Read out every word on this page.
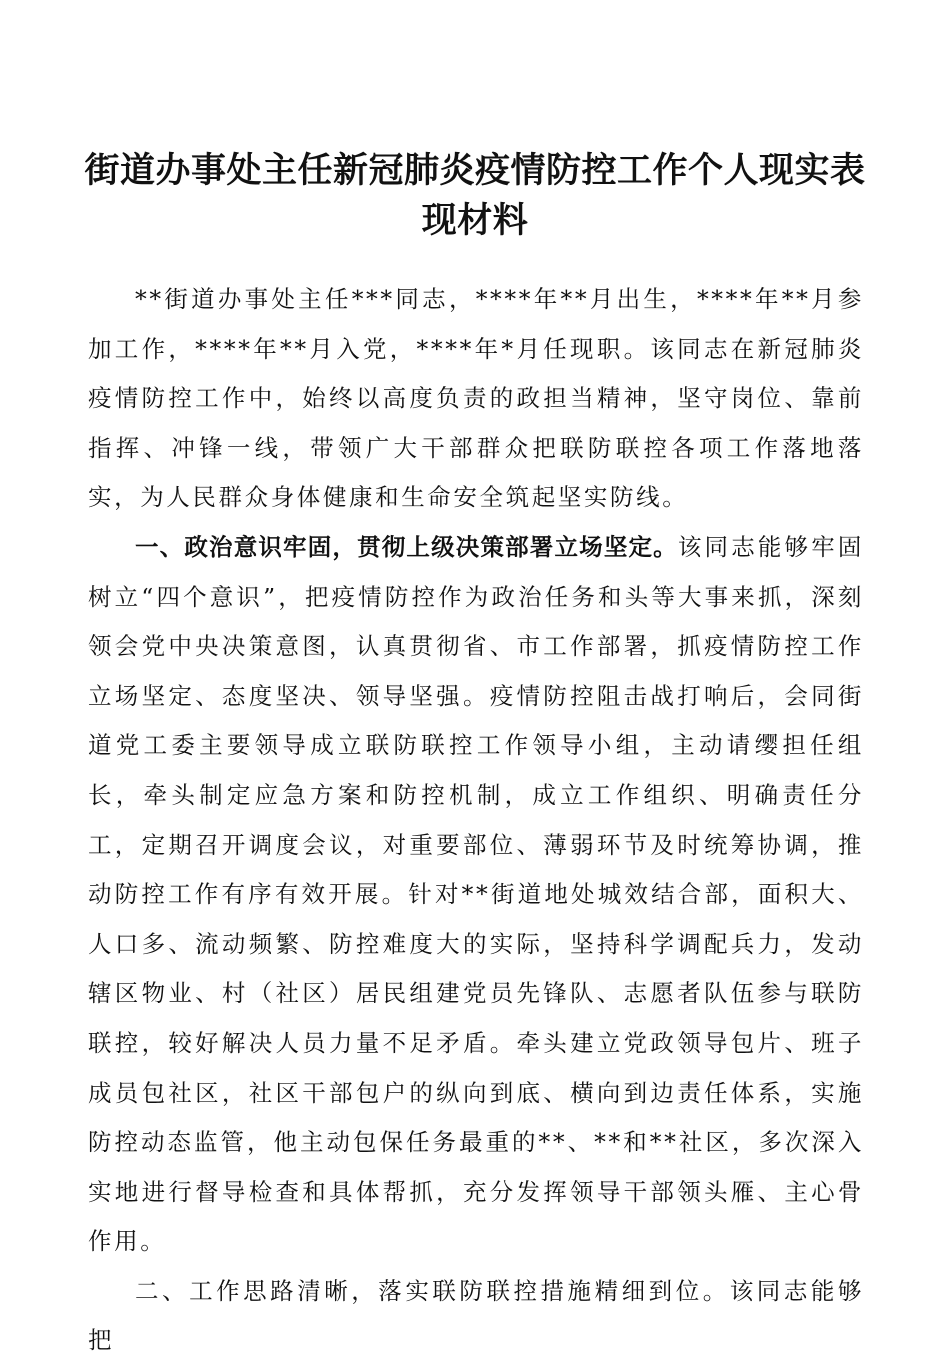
街道办事处主任新冠肺炎疫情防控工作个人现实表现材料

**街道办事处主任***同志，****年**月出生，****年**月参加工作，****年**月入党，****年*月任现职。该同志在新冠肺炎疫情防控工作中，始终以高度负责的政担当精神，坚守岗位、靠前指挥、冲锋一线，带领广大干部群众把联防联控各项工作落地落实，为人民群众身体健康和生命安全筑起坚实防线。

一、政治意识牢固，贯彻上级决策部署立场坚定。该同志能够牢固树立“四个意识”，把疫情防控作为政治任务和头等大事来抓，深刻领会党中央决策意图，认真贯彻省、市工作部署，抓疫情防控工作立场坚定、态度坚决、领导坚强。疫情防控阻击战打响后，会同街道党工委主要领导成立联防联控工作领导小组，主动请缨担任组长，牵头制定应急方案和防控机制，成立工作组织、明确责任分工，定期召开调度会议，对重要部位、薄弱环节及时统筹协调，推动防控工作有序有效开展。针对**街道地处城效结合部，面积大、人口多、流动频繁、防控难度大的实际，坚持科学调配兵力，发动辖区物业、村（社区）居民组建党员先锋队、志愿者队伍参与联防联控，较好解决人员力量不足矛盾。牵头建立党政领导包片、班子成员包社区，社区干部包户的纵向到底、横向到边责任体系，实施防控动态监管，他主动包保任务最重的**、**和**社区，多次深入实地进行督导检查和具体帮抓，充分发挥领导干部领头雁、主心骨作用。

二、工作思路清晰，落实联防联控措施精细到位。该同志能够把
